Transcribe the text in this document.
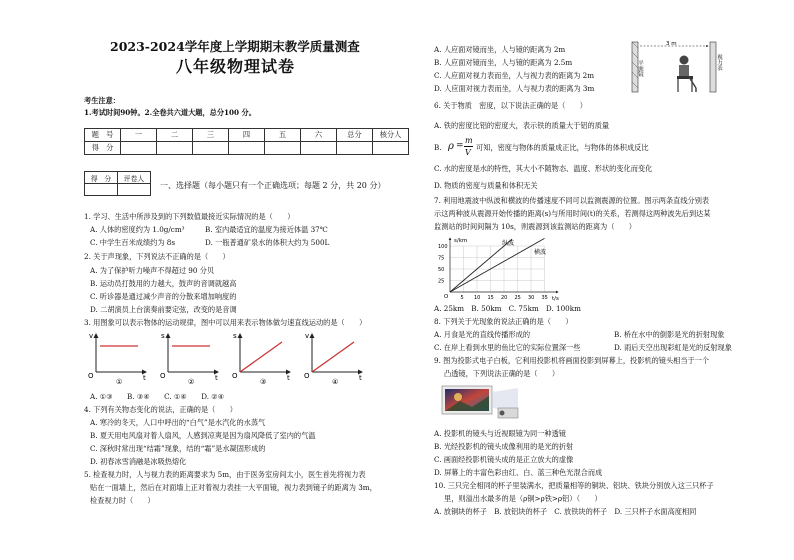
2023-2024学年度上学期期末教学质量测查
八年级物理试卷
考生注意：
1.考试时间90钟。2.全卷共六道大题，总分100 分。
题　号	一	二	三	四	五	六	总分	核分人
得　分								
得　分	评卷人

一、选择题（每小题只有一个正确选项；每题 2 分，共 20 分）
1. 学习、生活中所涉及到的下列数值最接近实际情况的是（　　）
A. 人体的密度约为 1.0g/cm³	B. 室内最适宜的温度为接近体温 37℃
C. 中学生百米成绩约为 8s	D. 一瓶普通矿泉水的体积大约为 500L
2. 关于声现象，下列说法不正确的是（　　）
A. 为了保护听力噪声不得超过 90 分贝
B. 运动员打鼓用的力越大，鼓声的音调就越高
C. 听诊器是通过减少声音的分散来增加响度的
D. 二胡演员上台演奏前要定弦，改变的是音调
3. 用图象可以表示物体的运动规律，图中可以用来表示物体做匀速直线运动的是（　　）
v
O	t
①
s
O	t
②
s
O	t
③
v
O	t
④
A. ①③　　B. ③④　　C. ①④　　D. ②④
4. 下列有关物态变化的说法，正确的是（　　）
A. 寒冷的冬天，人口中呼出的“白气”是水汽化的水蒸气
B. 夏天用电风扇对着人扇风，人感到凉爽是因为扇风降低了室内的气温
C. 深秋时常出现“结霜”现象，结的“霜”是水凝固形成的
D. 初春冰雪消融是冰吸热熔化
5. 检查视力时，人与视力表的距离要求为 5m，由于医务室房间太小，医生首先将视力表
贴在一面墙上，然后在对面墙上正对着视力表挂一大平面镜，视力表到镜子的距离为 3m，
检查视力时（　　）
A. 人应面对镜而坐，人与镜的距离为 2m
B. 人应面对镜而坐，人与镜的距离为 2.5m
C. 人应面对视力表而坐，人与视力表的距离为 2m
D. 人应面对视力表而坐，人与视力表的距离为 3m
平面镜	视力表
3 m
6. 关于物质　密度，以下说法正确的是（　　）
A. 铁的密度比铝的密度大，表示铁的质量大于铝的质量
B. ρ =
m
V
可知，密度与物体的质量成正比，与物体的体积成反比
C. 水的密度是水的特性，其大小不随物态、温度、形状的变化而变化
D. 物质的密度与质量和体积无关
7. 利用地震波中纵波和横波的传播速度不同可以监测震源的位置。图示两条直线分别表
示这两种波从震源开始传播的距离(s)与所用时间(t)的关系，若测得这两种波先后到达某
监测站的时间间隔为 10s，则震源到该监测站的距离为（　　）
s/km
t/s
O 5 10 15 20 25 30 35
25
50
75
100	纵波
横波
A. 25km　B. 50km　C. 75km　D. 100km
8. 下列关于光现象的说法正确的是（　　）
A. 月食是光的直线传播形成的	B. 桥在水中的倒影是光的折射现象
C. 在岸上看到水里的鱼比它的实际位置深一些	D. 雨后天空出现彩虹是光的反射现象
9. 图为投影式电子白板，它利用投影机将画面投影到屏幕上，投影机的镜头相当于一个
凸透镜，下列说法正确的是（　　）
A. 投影机的镜头与近视眼镜为同一种透镜
B. 光经投影机的镜头成像利用的是光的折射
C. 画面经投影机镜头成的是正立放大的虚像
D. 屏幕上的丰富色彩由红、白、蓝三种色光混合而成
10. 三只完全相同的杯子里装满水，把质量相等的铜块、铝块、铁块分别放入这三只杯子
里，则溢出水最多的是（ρ铜>ρ铁>ρ铝）（　　）
A. 放铜块的杯子　B. 放铝块的杯子　C. 放铁块的杯子　D. 三只杯子水面高度相同
